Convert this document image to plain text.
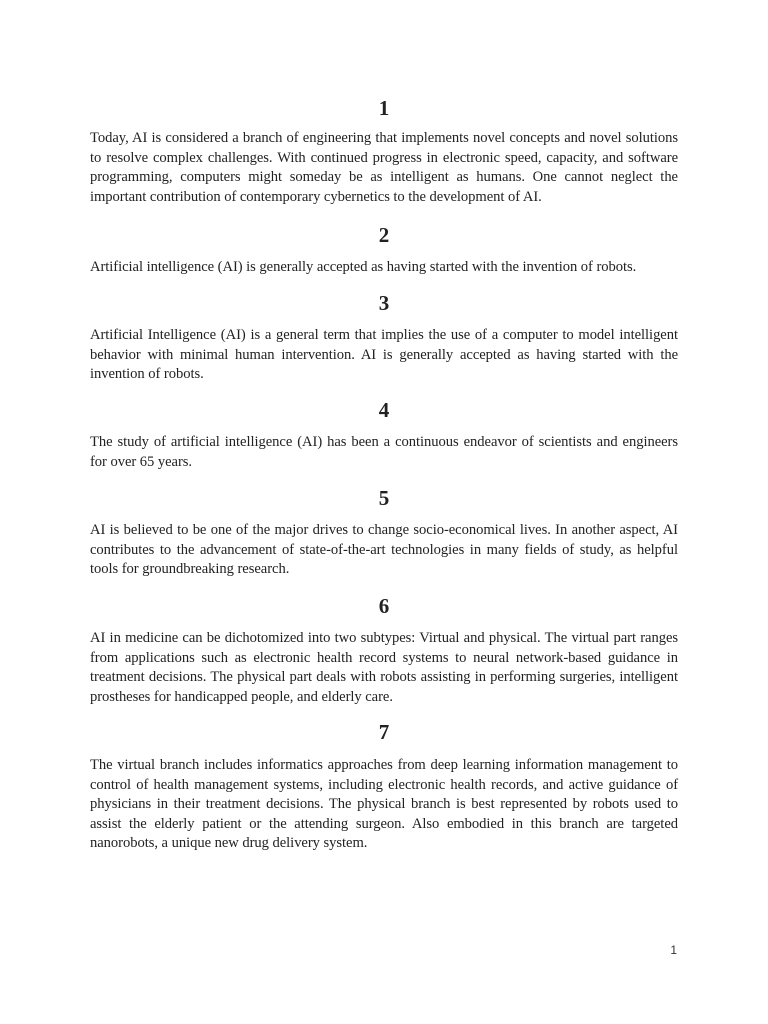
1

Today, AI is considered a branch of engineering that implements novel concepts and novel solutions to resolve complex challenges. With continued progress in electronic speed, capacity, and software programming, computers might someday be as intelligent as humans. One cannot neglect the important contribution of contemporary cybernetics to the development of AI.

2

Artificial intelligence (AI) is generally accepted as having started with the invention of robots.

3

Artificial Intelligence (AI) is a general term that implies the use of a computer to model intelligent behavior with minimal human intervention. AI is generally accepted as having started with the invention of robots.

4

The study of artificial intelligence (AI) has been a continuous endeavor of scientists and engineers for over 65 years.

5

AI is believed to be one of the major drives to change socio-economical lives. In another aspect, AI contributes to the advancement of state-of-the-art technologies in many fields of study, as helpful tools for groundbreaking research.

6

AI in medicine can be dichotomized into two subtypes: Virtual and physical. The virtual part ranges from applications such as electronic health record systems to neural network-based guidance in treatment decisions. The physical part deals with robots assisting in performing surgeries, intelligent prostheses for handicapped people, and elderly care.

7

The virtual branch includes informatics approaches from deep learning information management to control of health management systems, including electronic health records, and active guidance of physicians in their treatment decisions. The physical branch is best represented by robots used to assist the elderly patient or the attending surgeon. Also embodied in this branch are targeted nanorobots, a unique new drug delivery system.

1
